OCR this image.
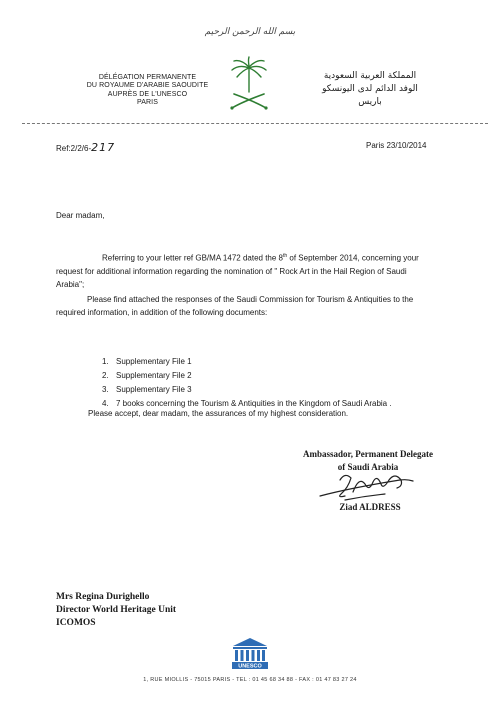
بسم الله الرحمن الرحيم
DÉLÉGATION PERMANENTE
DU ROYAUME D'ARABIE SAOUDITE
AUPRÈS DE L'UNESCO
PARIS
المملكة العربية السعودية
الوفد الدائم لدى اليونسكو
باريس
Ref:2/2/6-217	Paris 23/10/2014
Dear madam,
Referring to your letter ref GB/MA 1472 dated the 8th of September 2014, concerning your request for additional information regarding the nomination of " Rock Art in the Hail Region of Saudi Arabia";
Please find attached the responses of the Saudi Commission for Tourism & Antiquities to the required information, in addition of the following documents:
1. Supplementary File 1
2. Supplementary File 2
3. Supplementary File 3
4. 7 books concerning the Tourism & Antiquities in the Kingdom of Saudi Arabia .
Please accept, dear madam, the assurances of my highest consideration.
Ambassador, Permanent Delegate
of Saudi Arabia
Ziad ALDRESS
Mrs Regina Durighello
Director World Heritage Unit
ICOMOS
UNESCO
1, RUE MIOLLIS - 75015 PARIS - TEL : 01 45 68 34 88 - FAX : 01 47 83 27 24
